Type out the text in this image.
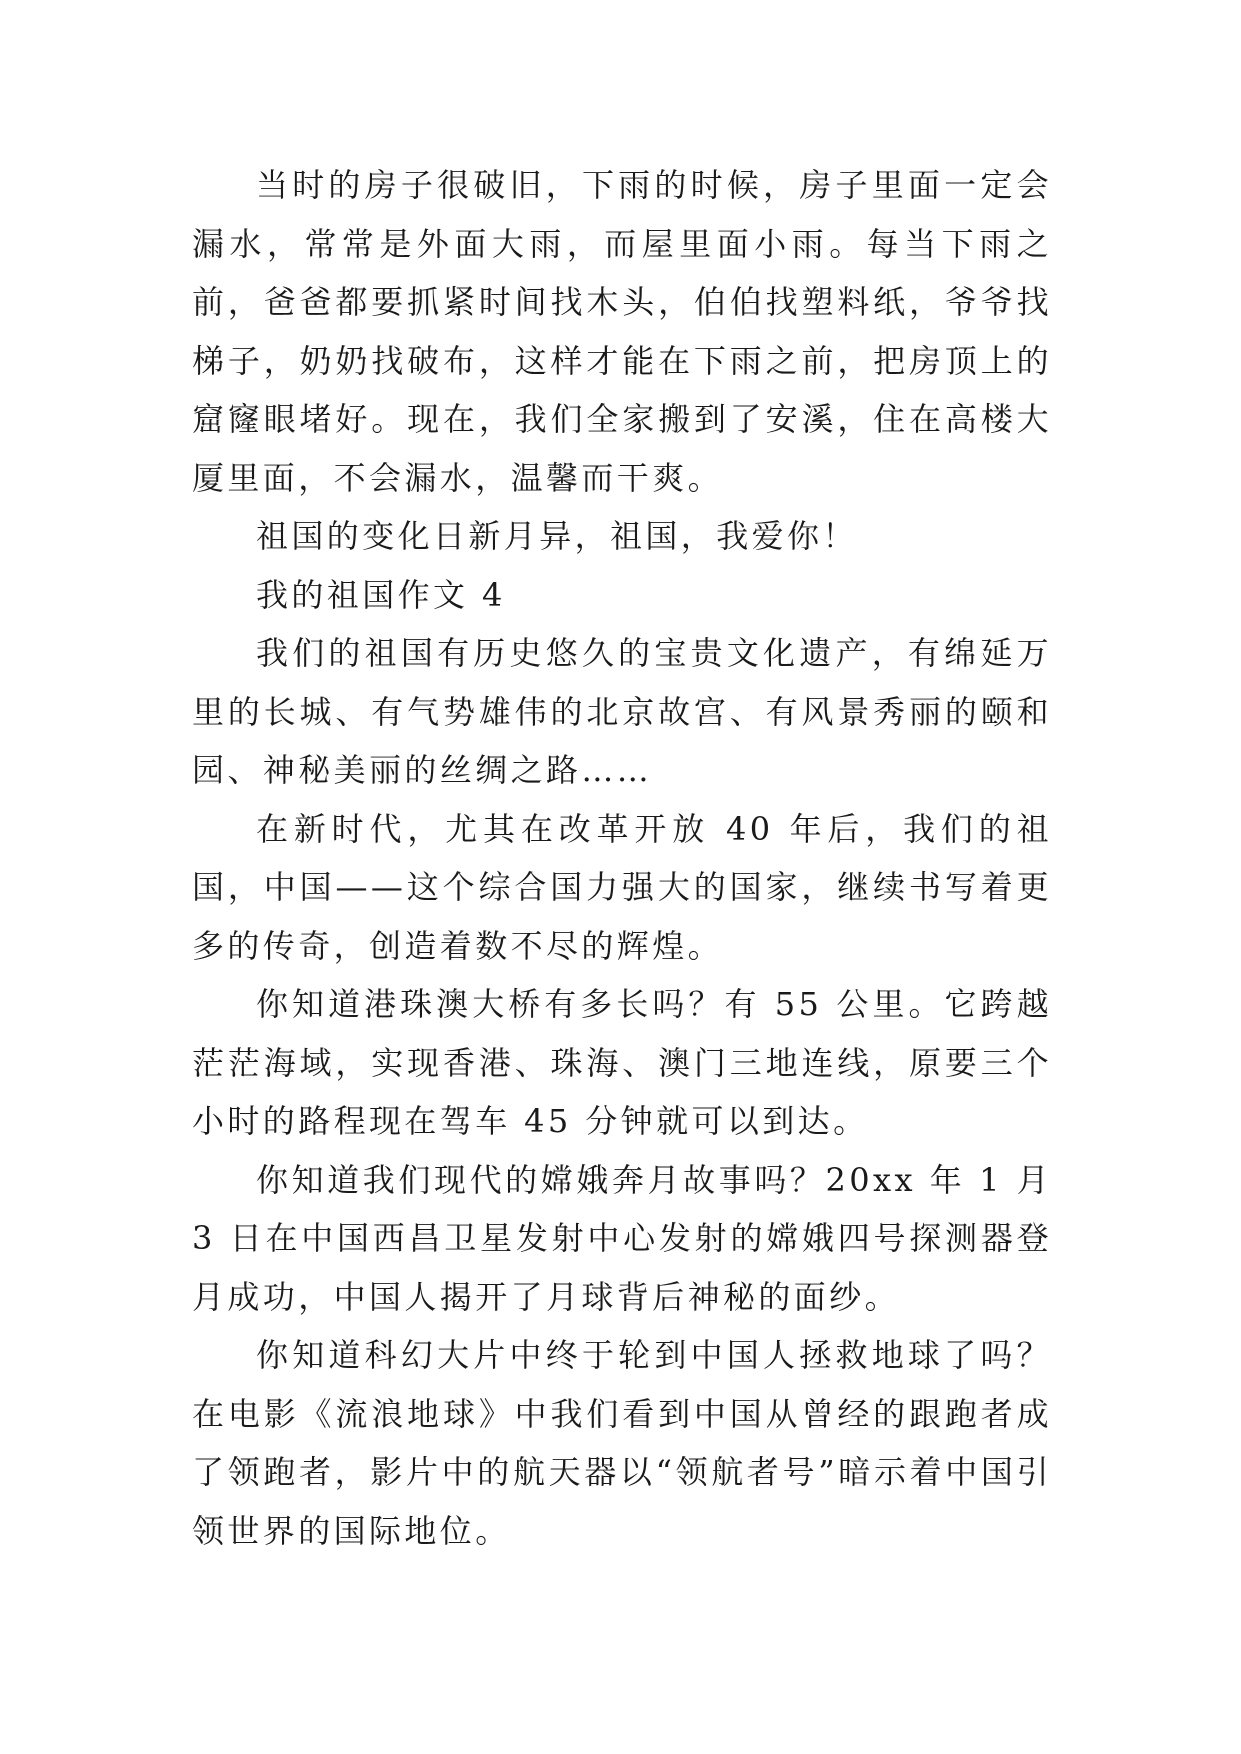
当时的房子很破旧，下雨的时候，房子里面一定会漏水，常常是外面大雨，而屋里面小雨。每当下雨之前，爸爸都要抓紧时间找木头，伯伯找塑料纸，爷爷找梯子，奶奶找破布，这样才能在下雨之前，把房顶上的窟窿眼堵好。现在，我们全家搬到了安溪，住在高楼大厦里面，不会漏水，温馨而干爽。

祖国的变化日新月异，祖国，我爱你！

我的祖国作文 4

我们的祖国有历史悠久的宝贵文化遗产，有绵延万里的长城、有气势雄伟的北京故宫、有风景秀丽的颐和园、神秘美丽的丝绸之路……

在新时代，尤其在改革开放 40 年后，我们的祖国，中国——这个综合国力强大的国家，继续书写着更多的传奇，创造着数不尽的辉煌。

你知道港珠澳大桥有多长吗？有 55 公里。它跨越茫茫海域，实现香港、珠海、澳门三地连线，原要三个小时的路程现在驾车 45 分钟就可以到达。

你知道我们现代的嫦娥奔月故事吗？20xx 年 1 月 3 日在中国西昌卫星发射中心发射的嫦娥四号探测器登月成功，中国人揭开了月球背后神秘的面纱。

你知道科幻大片中终于轮到中国人拯救地球了吗？在电影《流浪地球》中我们看到中国从曾经的跟跑者成了领跑者，影片中的航天器以“领航者号”暗示着中国引领世界的国际地位。
